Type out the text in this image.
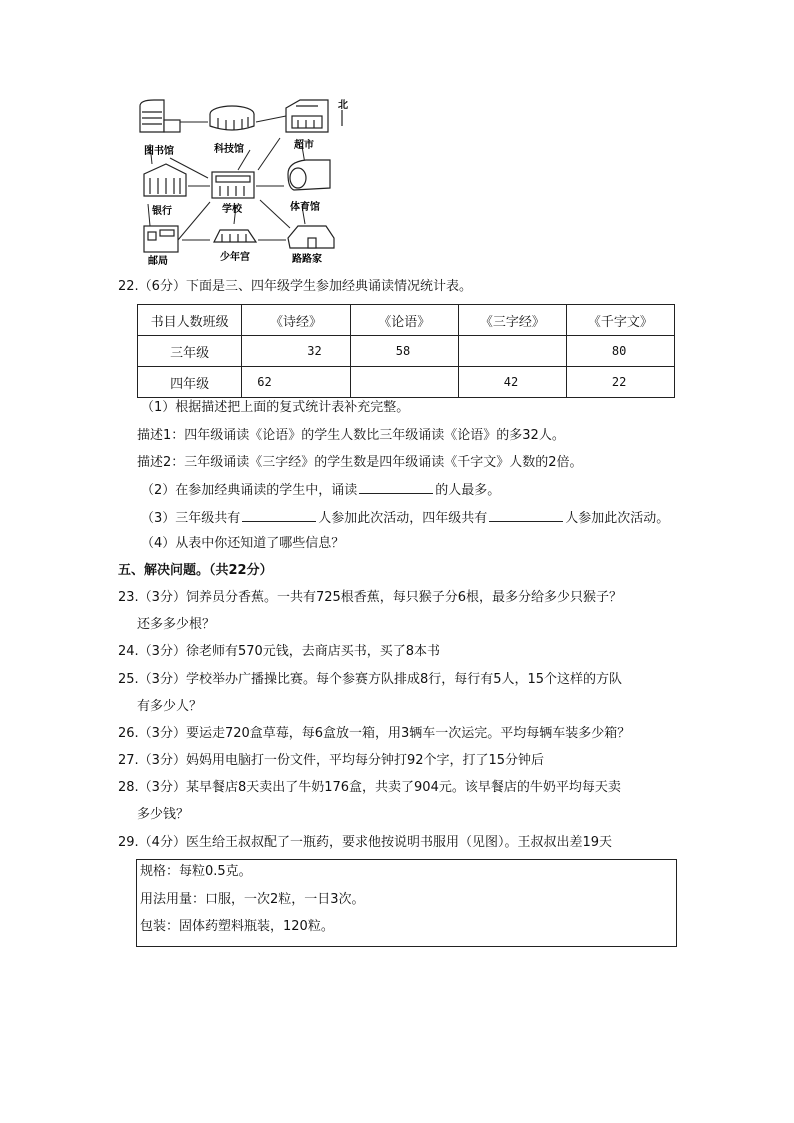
图书馆	科技馆	超市
北
银行	学校	体育馆
邮局	少年宫	路路家
22.（6分）下面是三、四年级学生参加经典诵读情况统计表。
书目人数班级	《诗经》	《论语》	《三字经》	《千字文》
三年级	32	58		80
四年级	62		42	22
（1）根据描述把上面的复式统计表补充完整。
描述1：四年级诵读《论语》的学生人数比三年级诵读《论语》的多32人。
描述2：三年级诵读《三字经》的学生数是四年级诵读《千字文》人数的2倍。
（2）在参加经典诵读的学生中，诵读	的人最多。
（3）三年级共有	人参加此次活动，四年级共有	人参加此次活动。
（4）从表中你还知道了哪些信息？
五、解决问题。（共22分）
23.（3分）饲养员分香蕉。一共有725根香蕉，每只猴子分6根，最多分给多少只猴子？
还多多少根？
24.（3分）徐老师有570元钱，去商店买书，买了8本书
25.（3分）学校举办广播操比赛。每个参赛方队排成8行，每行有5人，15个这样的方队
有多少人？
26.（3分）要运走720盒草莓，每6盒放一箱，用3辆车一次运完。平均每辆车装多少箱？
27.（3分）妈妈用电脑打一份文件，平均每分钟打92个字，打了15分钟后
28.（3分）某早餐店8天卖出了牛奶176盒，共卖了904元。该早餐店的牛奶平均每天卖
多少钱？
29.（4分）医生给王叔叔配了一瓶药，要求他按说明书服用（见图）。王叔叔出差19天
规格：每粒0.5克。
用法用量：口服，一次2粒，一日3次。
包装：固体药塑料瓶装，120粒。
